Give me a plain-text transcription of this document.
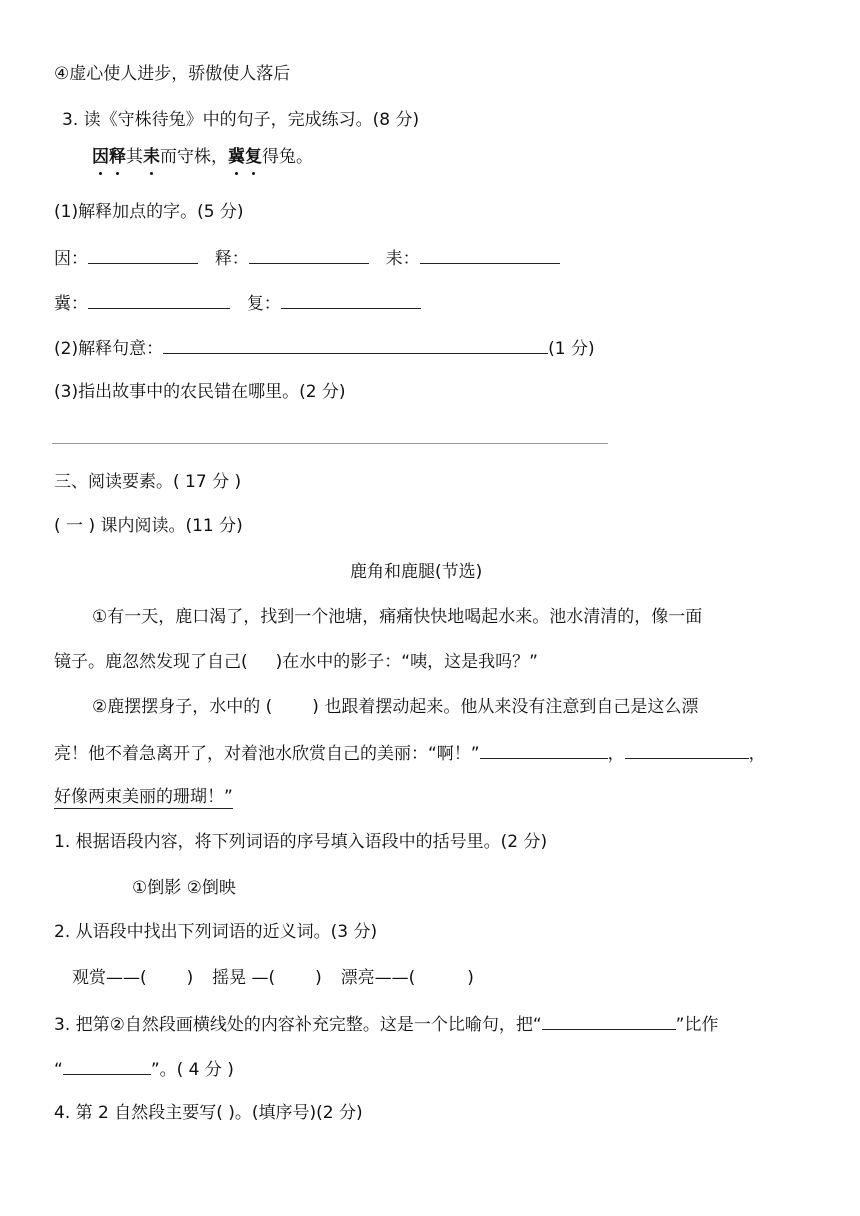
④虚心使人进步，骄傲使人落后
3. 读《守株待兔》中的句子，完成练习。(8 分)
因释其耒而守株，冀复得兔。
(1)解释加点的字。(5 分)
因：	释：	耒：
冀：	复：
(2)解释句意：	(1 分)
(3)指出故事中的农民错在哪里。(2 分)
三、阅读要素。( 17 分 )
( 一 ) 课内阅读。(11 分)
鹿角和鹿腿(节选)
①有一天，鹿口渴了，找到一个池塘，痛痛快快地喝起水来。池水清清的，像一面
镜子。鹿忽然发现了自己( )在水中的影子：“咦，这是我吗？”
②鹿摆摆身子，水中的 ( ) 也跟着摆动起来。他从来没有注意到自己是这么漂
亮！他不着急离开了，对着池水欣赏自己的美丽：“啊！”	，	，
好像两束美丽的珊瑚！”
1. 根据语段内容，将下列词语的序号填入语段中的括号里。(2 分)
①倒影 ②倒映
2. 从语段中找出下列词语的近义词。(3 分)
观赏——( ) 摇晃 —( ) 漂亮——(	)
3. 把第②自然段画横线处的内容补充完整。这是一个比喻句，把“	”比作
“	”。( 4 分 )
4. 第 2 自然段主要写( )。(填序号)(2 分)
